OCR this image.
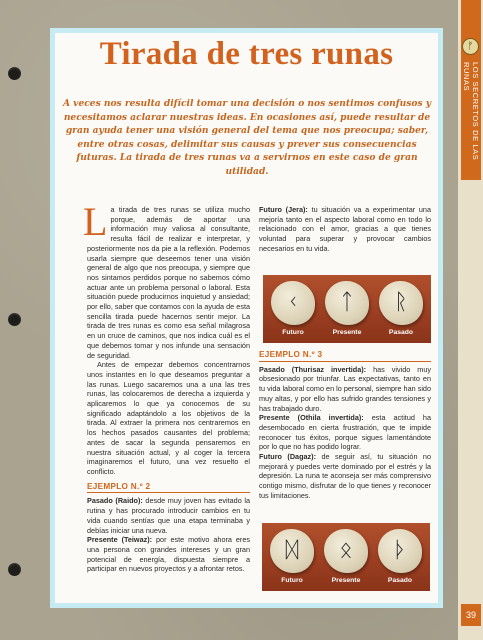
ᚠ
LOS SECRETOS DE LAS RUNAS
39
Tirada de tres runas

A veces nos resulta difícil tomar una decisión o nos sentimos confusos y necesitamos aclarar nuestras ideas. En ocasiones así, puede resultar de gran ayuda tener una visión general del tema que nos preocupa; saber, entre otras cosas, delimitar sus causas y prever sus consecuencias futuras. La tirada de tres runas va a servirnos en este caso de gran utilidad.

La tirada de tres runas se utiliza mucho porque, además de aportar una información muy valiosa al consultante, resulta fácil de realizar e interpretar, y posteriormente nos da pie a la reflexión. Podemos usarla siempre que deseemos tener una visión general de algo que nos preocupa, y siempre que nos sintamos perdidos porque no sabemos cómo actuar ante un problema personal o laboral. Esta situación puede producirnos inquietud y ansiedad; por ello, saber que contamos con la ayuda de esta sencilla tirada puede hacernos sentir mejor. La tirada de tres runas es como esa señal milagrosa en un cruce de caminos, que nos indica cuál es el que debemos tomar y nos infunde una sensación de seguridad.

Antes de empezar debemos concentrarnos unos instantes en lo que deseamos preguntar a las runas. Luego sacaremos una a una las tres runas, las colocaremos de derecha a izquierda y aplicaremos lo que ya conocemos de su significado adaptándolo a los objetivos de la tirada. Al extraer la primera nos centraremos en los hechos pasados causantes del problema; antes de sacar la segunda pensaremos en nuestra situación actual, y al coger la tercera imaginaremos el futuro, una vez resuelto el conflicto.

EJEMPLO N.º 2

Pasado (Raido): desde muy joven has evitado la rutina y has procurado introducir cambios en tu vida cuando sentías que una etapa terminaba y debías iniciar una nueva.

Presente (Teiwaz): por este motivo ahora eres una persona con grandes intereses y un gran potencial de energía, dispuesta siempre a participar en nuevos proyectos y a afrontar retos.

Futuro (Jera): tu situación va a experimentar una mejoría tanto en el aspecto laboral como en todo lo relacionado con el amor, gracias a que tienes voluntad para superar y provocar cambios necesarios en tu vida.

ᚲ	ᛏ	ᚱ
Futuro	Presente	Pasado

EJEMPLO N.º 3

Pasado (Thurisaz invertida): has vivido muy obsesionado por triunfar. Las expectativas, tanto en tu vida laboral como en lo personal, siempre han sido muy altas, y por ello has sufrido grandes tensiones y has trabajado duro.

Presente (Othila invertida): esta actitud ha desembocado en cierta frustración, que te impide reconocer tus éxitos, porque sigues lamentándote por lo que no has podido lograr.

Futuro (Dagaz): de seguir así, tu situación no mejorará y puedes verte dominado por el estrés y la depresión. La runa te aconseja ser más comprensivo contigo mismo, disfrutar de lo que tienes y reconocer tus limitaciones.

ᛞ	ᛟ	ᚦ
Futuro	Presente	Pasado
